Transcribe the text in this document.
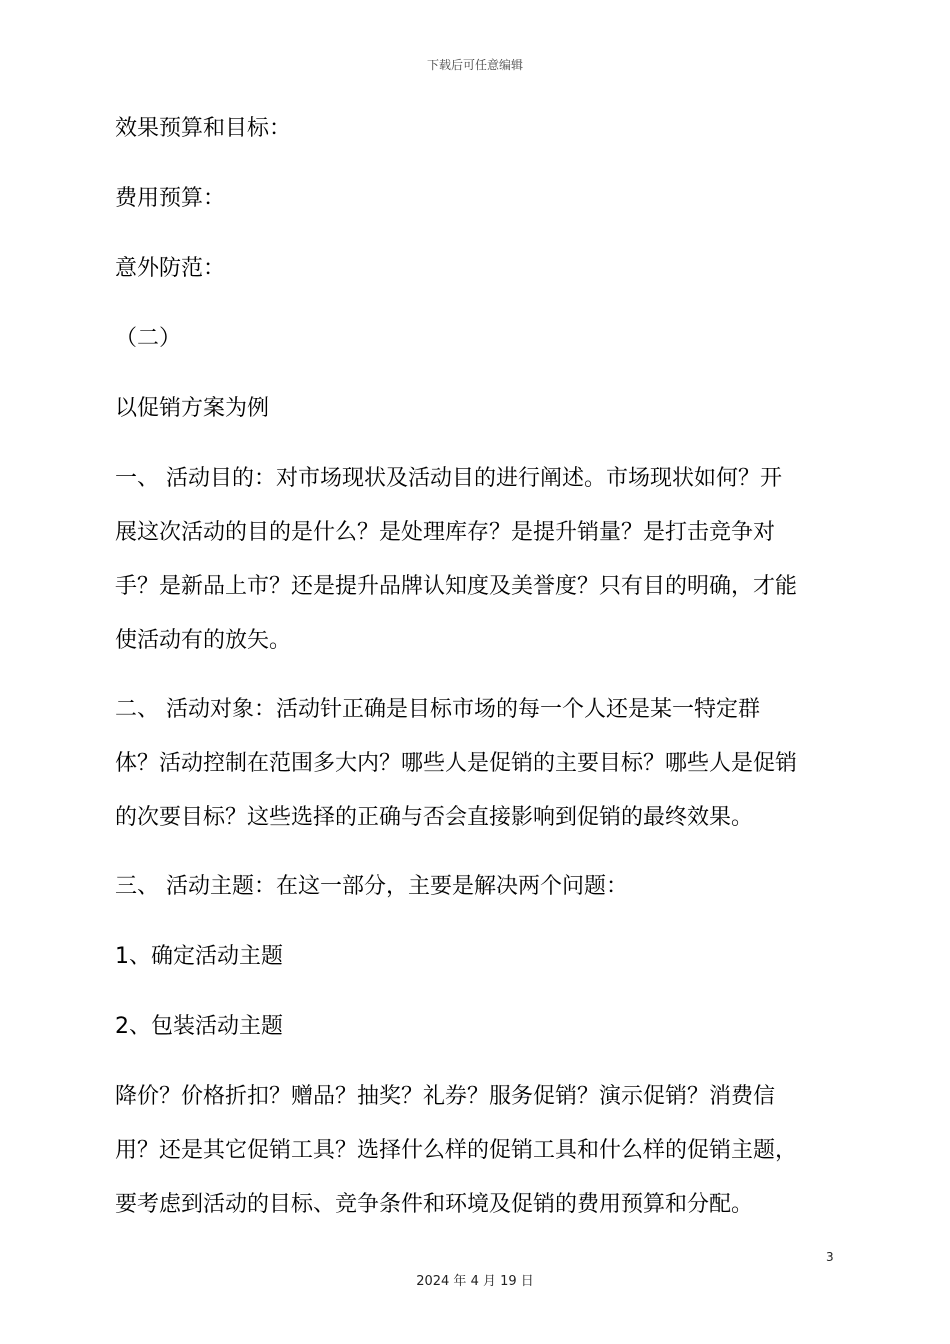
下载后可任意编辑
效果预算和目标：
费用预算：
意外防范：
（二）
以促销方案为例
一、 活动目的：对市场现状及活动目的进行阐述。市场现状如何？开
展这次活动的目的是什么？是处理库存？是提升销量？是打击竞争对
手？是新品上市？还是提升品牌认知度及美誉度？只有目的明确，才能
使活动有的放矢。
二、 活动对象：活动针正确是目标市场的每一个人还是某一特定群
体？活动控制在范围多大内？哪些人是促销的主要目标？哪些人是促销
的次要目标？这些选择的正确与否会直接影响到促销的最终效果。
三、 活动主题：在这一部分，主要是解决两个问题：
1、确定活动主题
2、包装活动主题
降价？价格折扣？赠品？抽奖？礼券？服务促销？演示促销？消费信
用？还是其它促销工具？选择什么样的促销工具和什么样的促销主题，
要考虑到活动的目标、竞争条件和环境及促销的费用预算和分配。
3
2024 年 4 月 19 日
